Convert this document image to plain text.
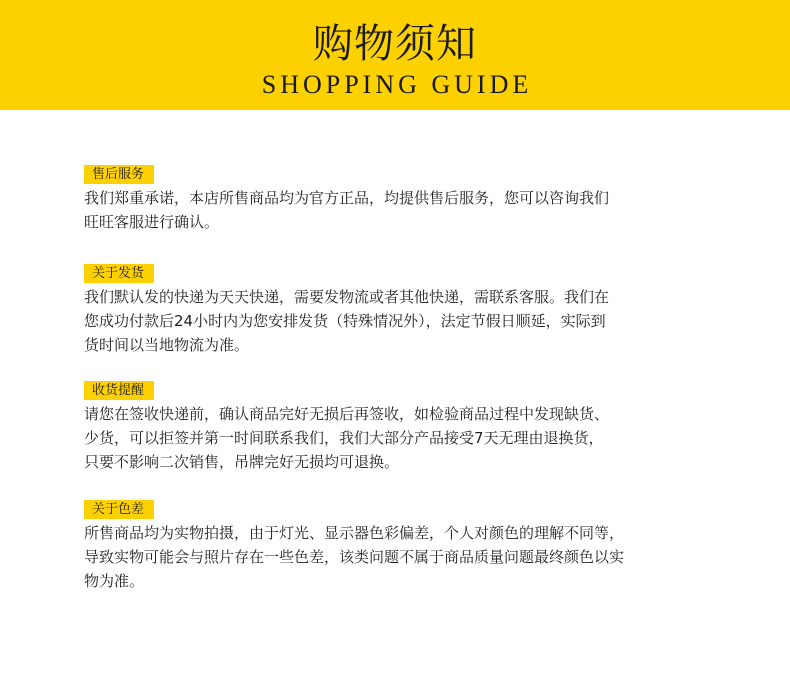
购物须知
SHOPPING GUIDE
售后服务
我们郑重承诺，本店所售商品均为官方正品，均提供售后服务，您可以咨询我们
旺旺客服进行确认。
关于发货
我们默认发的快递为天天快递，需要发物流或者其他快递，需联系客服。我们在
您成功付款后24小时内为您安排发货（特殊情况外），法定节假日顺延，实际到
货时间以当地物流为准。
收货提醒
请您在签收快递前，确认商品完好无损后再签收，如检验商品过程中发现缺货、
少货，可以拒签并第一时间联系我们，我们大部分产品接受7天无理由退换货，
只要不影响二次销售，吊牌完好无损均可退换。
关于色差
所售商品均为实物拍摄，由于灯光、显示器色彩偏差，个人对颜色的理解不同等，
导致实物可能会与照片存在一些色差，该类问题不属于商品质量问题最终颜色以实
物为准。
